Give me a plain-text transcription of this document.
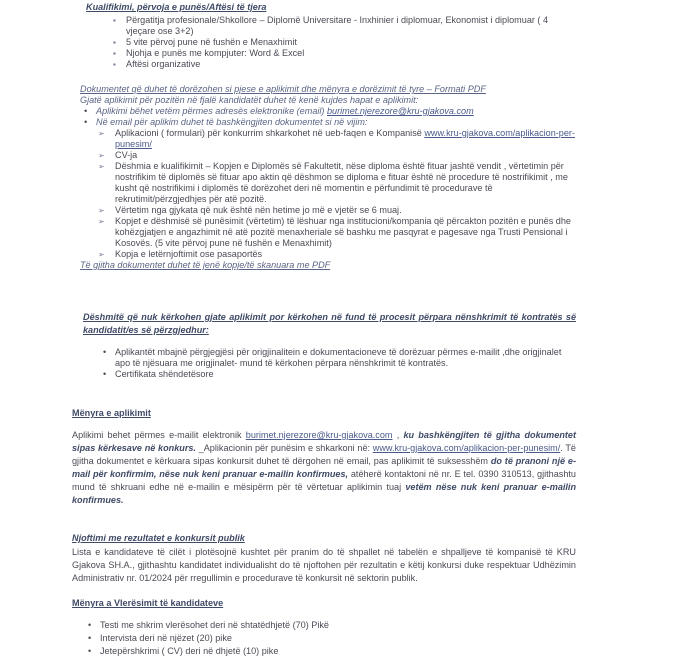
Kualifikimi, përvoja e punës/Aftësi të tjera
▪ Përgatitja profesionale/Shkollore – Diplomë Universitare - Inxhinier i diplomuar, Ekonomist i diplomuar ( 4 vjeçare ose 3+2)
▪ 5 vite përvoj pune në fushën e Menaxhimit
▪ Njohja e punës me kompjuter: Word & Excel
▪ Aftësi organizative
Dokumentet që duhet të dorëzohen si pjese e aplikimit dhe mënyra e dorëzimit të tyre – Formati PDF
Gjatë aplikimit për pozitën në fjalë kandidatët duhet të kenë kujdes hapat e aplikimit:
• Aplikimi bëhet vetëm përmes adresës elektronike (email) burimet.njerezore@kru-gjakova.com
• Në email për aplikim duhet të bashkëngjiten dokumentet si në vijim:
➢ Aplikacioni ( formulari) për konkurrim shkarkohet në ueb-faqen e Kompanisë www.kru-gjakova.com/aplikacion-per-punesim/
➢ CV-ja
➢ Dëshmia e kualifikimit – Kopjen e Diplomës së Fakultetit, nëse diploma është fituar jashtë vendit , vërtetimin për nostrifikim të diplomës së fituar apo aktin që dëshmon se diploma e fituar është në procedure të nostrifikimit , me kusht që nostrifikimi i diplomës të dorëzohet deri në momentin e përfundimit të procedurave të rekrutimit/përzgjedhjes për atë pozitë.
➢ Vërtetim nga gjykata që nuk është nën hetime jo më e vjetër se 6 muaj.
➢ Kopjet e dëshmisë së punësimit (vërtetim) të lëshuar nga institucioni/kompania që përcakton pozitën e punës dhe kohëzgjatjen e angazhimit në atë pozitë menaxheriale së bashku me pasqyrat e pagesave nga Trusti Pensional i Kosovës. (5 vite përvoj pune në fushën e Menaxhimit)
➢ Kopja e letërnjoftimit ose pasaportës
Të gjitha dokumentet duhet të jenë kopje/të skanuara me PDF
Dëshmitë që nuk kërkohen gjate aplikimit por kërkohen në fund të procesit përpara nënshkrimit të kontratës së kandidatit/es së përzgjedhur:
• Aplikantët mbajnë përgjegjësi për origjinalitein e dokumentacioneve të dorëzuar përmes e-mailit ,dhe origjinalet apo të njësuara me origjinalet- mund të kërkohen përpara nënshkrimit të kontratës.
• Certifikata shëndetësore
Mënyra e aplikimit

Aplikimi behet përmes e-mailit elektronik burimet.njerezore@kru-gjakova.com , ku bashkëngjiten të gjitha dokumentet sipas kërkesave në konkurs. _Aplikacionin për punësim e shkarkoni në: www.kru-gjakova.com/aplikacion-per-punesim/. Të gjitha dokumentet e kërkuara sipas konkursit duhet të dërgohen në email, pas aplikimit të suksesshëm do të pranoni një e-mail për konfirmim, nëse nuk keni pranuar e-mailin konfirmues, atëherë kontaktoni në nr. E tel. 0390 310513, gjithashtu mund të shkruani edhe në e-mailin e mësipërm për të vërtetuar aplikimin tuaj vetëm nëse nuk keni pranuar e-mailin konfirmues.

Njoftimi me rezultatet e konkursit publik

Lista e kandidateve të cilët i plotësojnë kushtet për pranim do të shpallet në tabelën e shpalljeve të kompanisë të KRU Gjakova SH.A., gjithashtu kandidatet individualisht do të njoftohen për rezultatin e këtij konkursi duke respektuar Udhëzimin Administrativ nr. 01/2024 për rregullimin e procedurave të konkursit në sektorin publik.

Mënyra a Vlerësimit të kandidateve
• Testi me shkrim vlerësohet deri në shtatëdhjetë (70) Pikë
• Intervista deri në njëzet (20) pike
• Jetepërshkrimi ( CV) deri në dhjetë (10) pike
